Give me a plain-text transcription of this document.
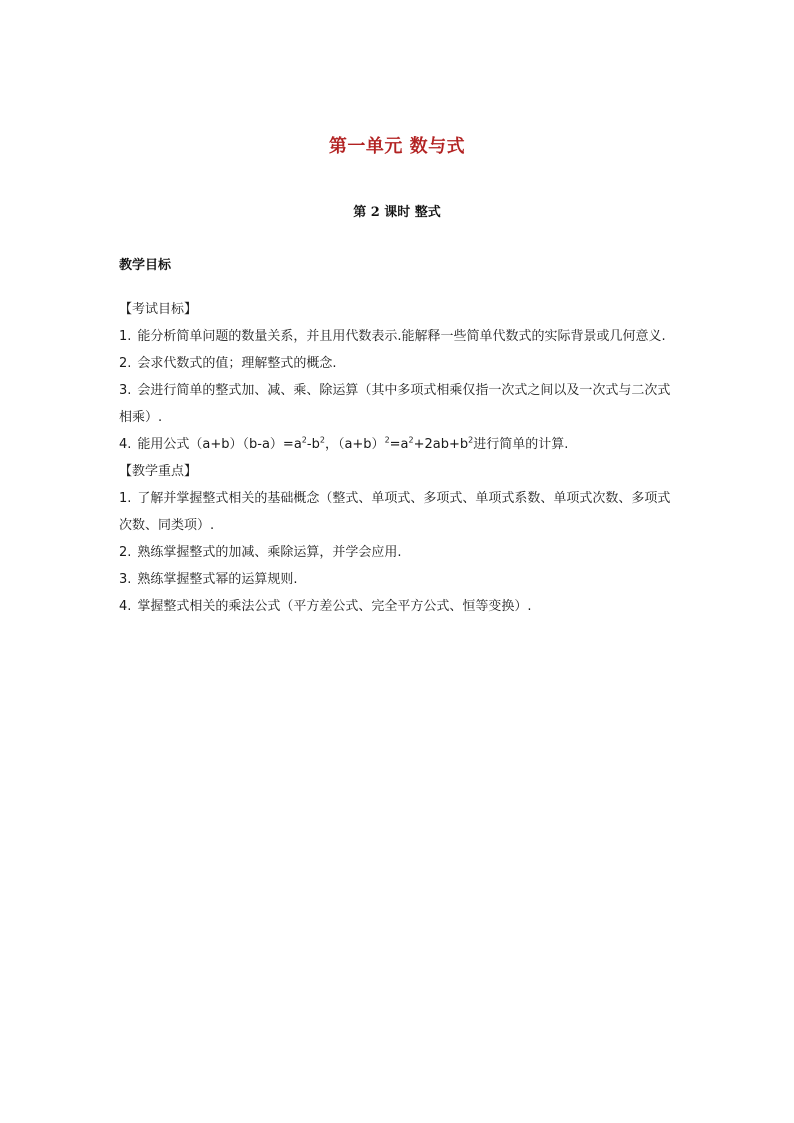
第一单元 数与式
第 2 课时 整式
教学目标

【考试目标】

1. 能分析简单问题的数量关系，并且用代数表示.能解释一些简单代数式的实际背景或几何意义.

2. 会求代数式的值；理解整式的概念.

3. 会进行简单的整式加、减、乘、除运算（其中多项式相乘仅指一次式之间以及一次式与二次式相乘）.

4. 能用公式$(a+b)(b-a)=a^2-b^2$，$(a+b)^2=a^2+2ab+b^2$进行简单的计算.

【教学重点】

1. 了解并掌握整式相关的基础概念（整式、单项式、多项式、单项式系数、单项式次数、多项式次数、同类项）.

2. 熟练掌握整式的加减、乘除运算，并学会应用.

3. 熟练掌握整式幂的运算规则.

4. 掌握整式相关的乘法公式（平方差公式、完全平方公式、恒等变换）.
